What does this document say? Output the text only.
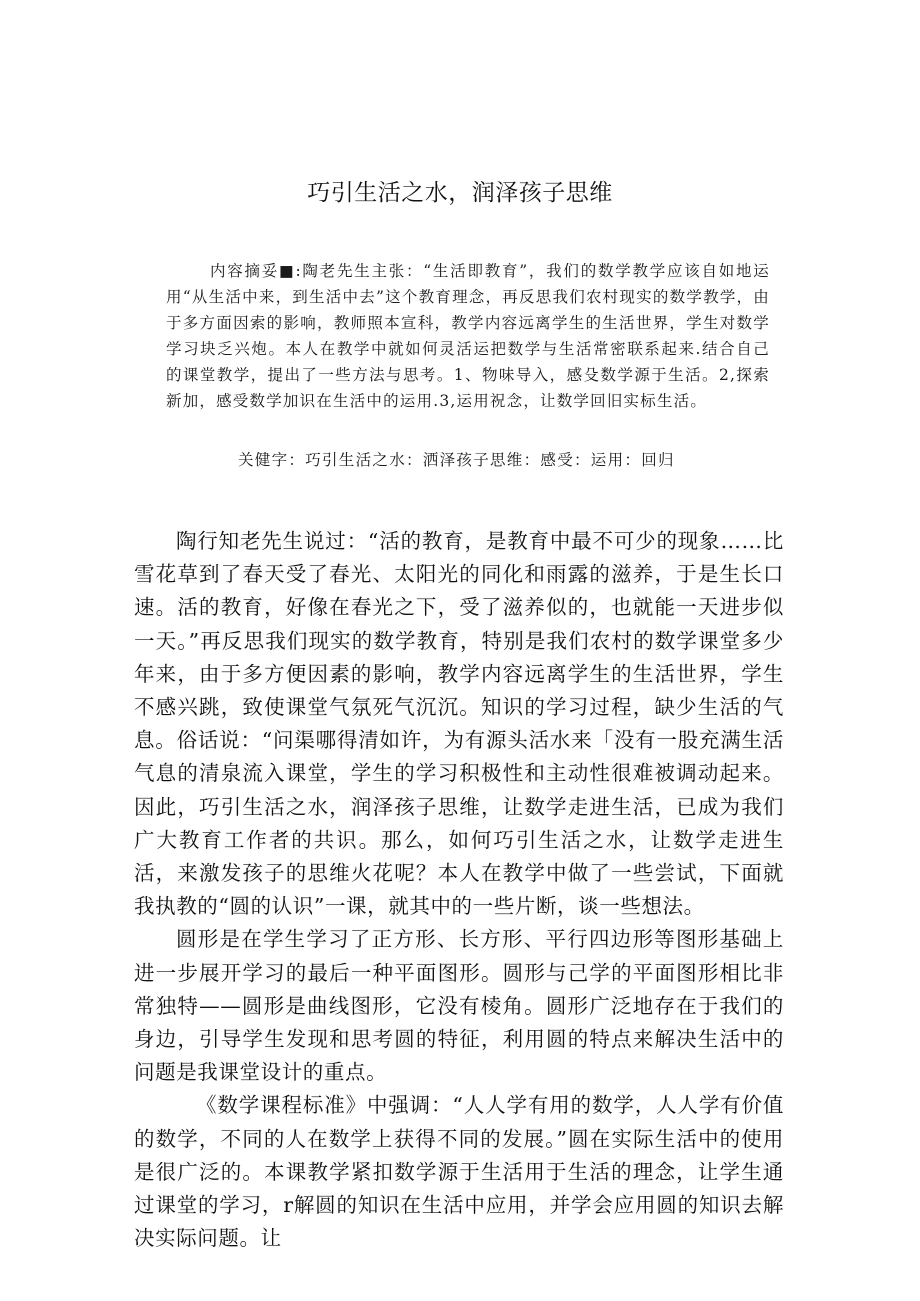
巧引生活之水，润泽孩子思维

内容摘妥■:陶老先生主张：“生活即教育”，我们的数学教学应该自如地运用“从生活中来，到生活中去”这个教育理念，再反思我们农村现实的数学教学，由于多方面因索的影响，教师照本宣科，教学内容远离学生的生活世界，学生对数学学习块乏兴炮。本人在教学中就如何灵活运把数学与生活常密联系起来.结合自己的课堂教学，提出了一些方法与思考。1、物味导入，感殳数学源于生活。2,探索新加，感受数学加识在生活中的运用.3,运用祝念，让数学回旧实标生活。

关健字：巧引生活之水：洒泽孩子思维：感受：运用：回归

陶行知老先生说过：“活的教育，是教育中最不可少的现象……比雪花草到了春天受了春光、太阳光的同化和雨露的滋养，于是生长口速。活的教育，好像在春光之下，受了滋养似的，也就能一天进步似一天。”再反思我们现实的数学教育，特别是我们农村的数学课堂多少年来，由于多方便因素的影响，教学内容远离学生的生活世界，学生不感兴跳，致使课堂气氛死气沉沉。知识的学习过程，缺少生活的气息。俗话说：“问渠哪得清如许，为有源头活水来「没有一股充满生活气息的清泉流入课堂，学生的学习积极性和主动性很难被调动起来。因此，巧引生活之水，润泽孩子思维，让数学走进生活，已成为我们广大教育工作者的共识。那么，如何巧引生活之水，让数学走进生活，来激发孩子的思维火花呢？本人在教学中做了一些尝试，下面就我执教的“圆的认识”一课，就其中的一些片断，谈一些想法。

圆形是在学生学习了正方形、长方形、平行四边形等图形基础上进一步展开学习的最后一种平面图形。圆形与己学的平面图形相比非常独特——圆形是曲线图形，它没有棱角。圆形广泛地存在于我们的身边，引导学生发现和思考圆的特征，利用圆的特点来解决生活中的问题是我课堂设计的重点。

《数学课程标准》中强调：“人人学有用的数学，人人学有价值的数学，不同的人在数学上获得不同的发展。”圆在实际生活中的使用是很广泛的。本课教学紧扣数学源于生活用于生活的理念，让学生通过课堂的学习，r解圆的知识在生活中应用，并学会应用圆的知识去解决实际问题。让
